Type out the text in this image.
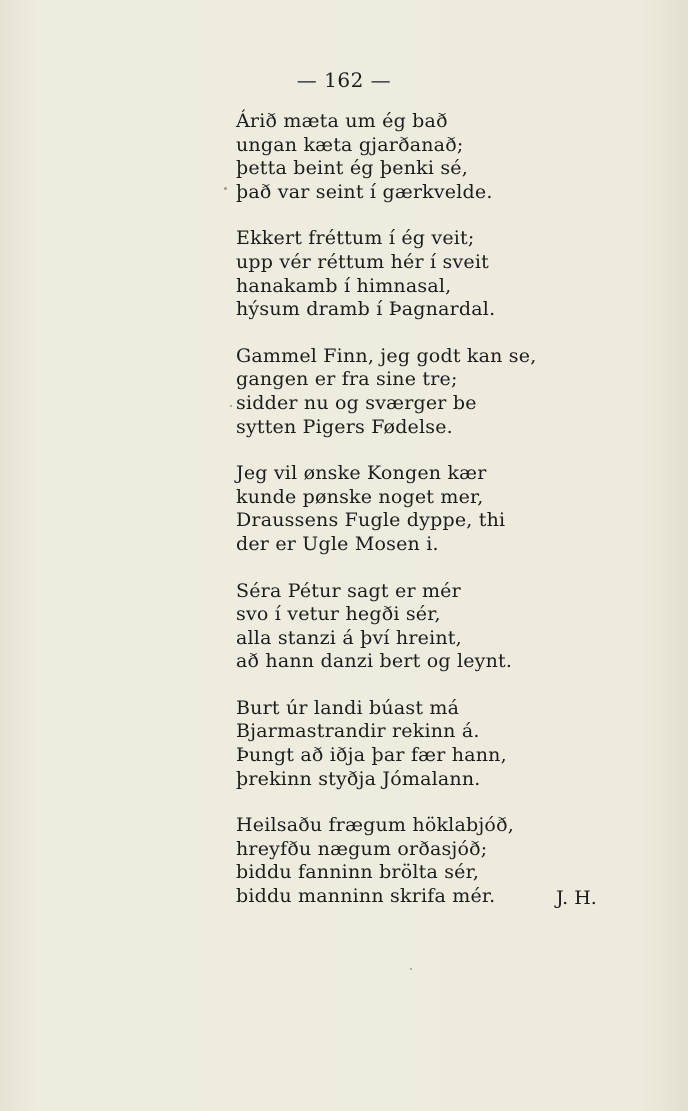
— 162 —
Árið mæta um ég bað
ungan kæta gjarðanað;
þetta beint ég þenki sé,
það var seint í gærkvelde.
Ekkert fréttum í ég veit;
upp vér réttum hér í sveit
hanakamb í himnasal,
hýsum dramb í Þagnardal.
Gammel Finn, jeg godt kan se,
gangen er fra sine tre;
sidder nu og sværger be
sytten Pigers Fødelse.
Jeg vil ønske Kongen kær
kunde pønske noget mer,
Draussens Fugle dyppe, thi
der er Ugle Mosen i.
Séra Pétur sagt er mér
svo í vetur hegði sér,
alla stanzi á því hreint,
að hann danzi bert og leynt.
Burt úr landi búast má
Bjarmastrandir rekinn á.
Þungt að iðja þar fær hann,
þrekinn styðja Jómalann.
Heilsaðu frægum höklabjóð,
hreyfðu nægum orðasjóð;
biddu fanninn brölta sér,
biddu manninn skrifa mér.	J. H.
